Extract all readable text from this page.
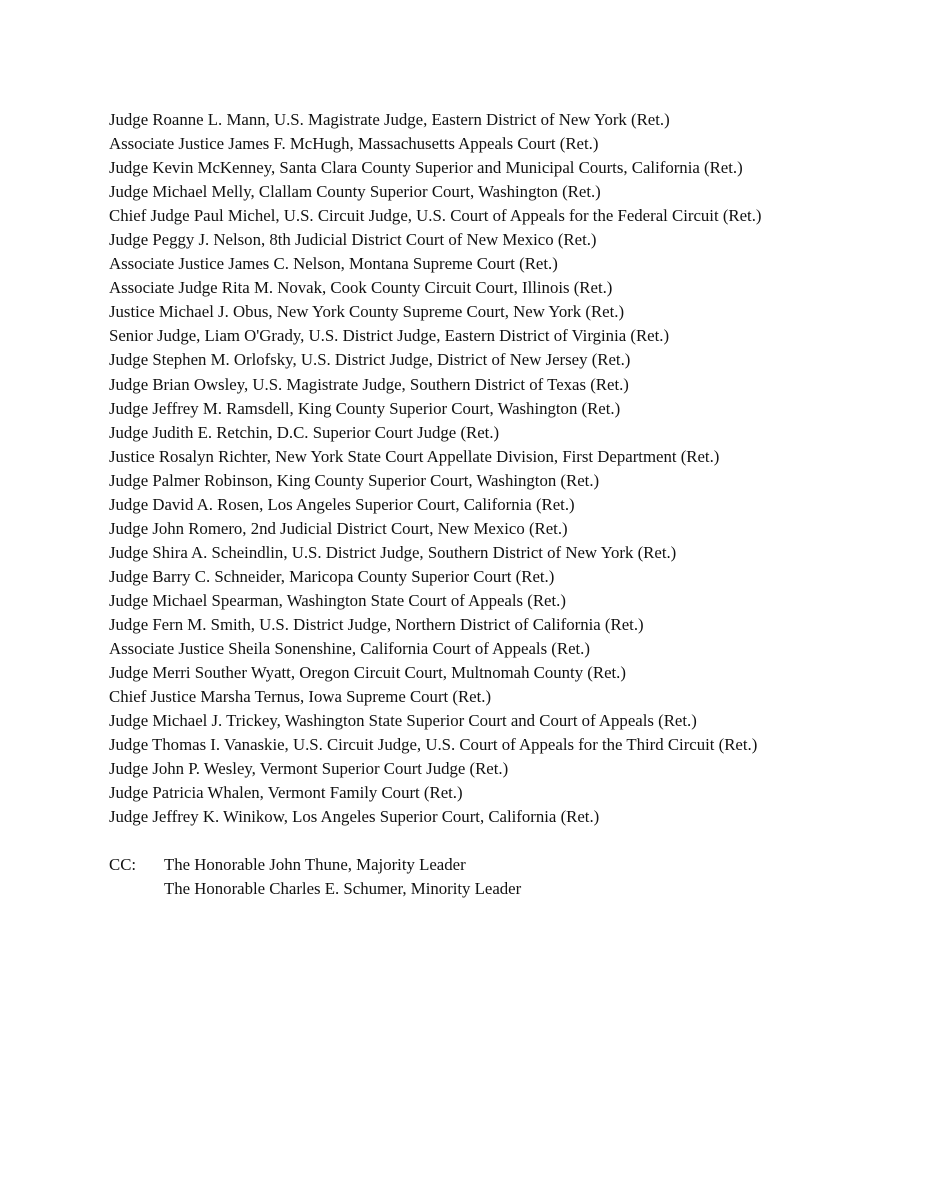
Judge Roanne L. Mann, U.S. Magistrate Judge, Eastern District of New York (Ret.)
Associate Justice James F. McHugh, Massachusetts Appeals Court (Ret.)
Judge Kevin McKenney, Santa Clara County Superior and Municipal Courts, California (Ret.)
Judge Michael Melly, Clallam County Superior Court, Washington (Ret.)
Chief Judge Paul Michel, U.S. Circuit Judge, U.S. Court of Appeals for the Federal Circuit (Ret.)
Judge Peggy J. Nelson, 8th Judicial District Court of New Mexico (Ret.)
Associate Justice James C. Nelson, Montana Supreme Court (Ret.)
Associate Judge Rita M. Novak, Cook County Circuit Court, Illinois (Ret.)
Justice Michael J. Obus, New York County Supreme Court, New York (Ret.)
Senior Judge, Liam O'Grady, U.S. District Judge, Eastern District of Virginia (Ret.)
Judge Stephen M. Orlofsky, U.S. District Judge, District of New Jersey (Ret.)
Judge Brian Owsley, U.S. Magistrate Judge, Southern District of Texas (Ret.)
Judge Jeffrey M. Ramsdell, King County Superior Court, Washington (Ret.)
Judge Judith E. Retchin, D.C. Superior Court Judge (Ret.)
Justice Rosalyn Richter, New York State Court Appellate Division, First Department (Ret.)
Judge Palmer Robinson, King County Superior Court, Washington (Ret.)
Judge David A. Rosen, Los Angeles Superior Court, California (Ret.)
Judge John Romero, 2nd Judicial District Court, New Mexico (Ret.)
Judge Shira A. Scheindlin, U.S. District Judge, Southern District of New York (Ret.)
Judge Barry C. Schneider, Maricopa County Superior Court (Ret.)
Judge Michael Spearman, Washington State Court of Appeals (Ret.)
Judge Fern M. Smith, U.S. District Judge, Northern District of California (Ret.)
Associate Justice Sheila Sonenshine, California Court of Appeals (Ret.)
Judge Merri Souther Wyatt, Oregon Circuit Court, Multnomah County (Ret.)
Chief Justice Marsha Ternus, Iowa Supreme Court (Ret.)
Judge Michael J. Trickey, Washington State Superior Court and Court of Appeals (Ret.)
Judge Thomas I. Vanaskie, U.S. Circuit Judge, U.S. Court of Appeals for the Third Circuit (Ret.)
Judge John P. Wesley, Vermont Superior Court Judge (Ret.)
Judge Patricia Whalen, Vermont Family Court (Ret.)
Judge Jeffrey K. Winikow, Los Angeles Superior Court, California (Ret.)
CC: The Honorable John Thune, Majority Leader
The Honorable Charles E. Schumer, Minority Leader
